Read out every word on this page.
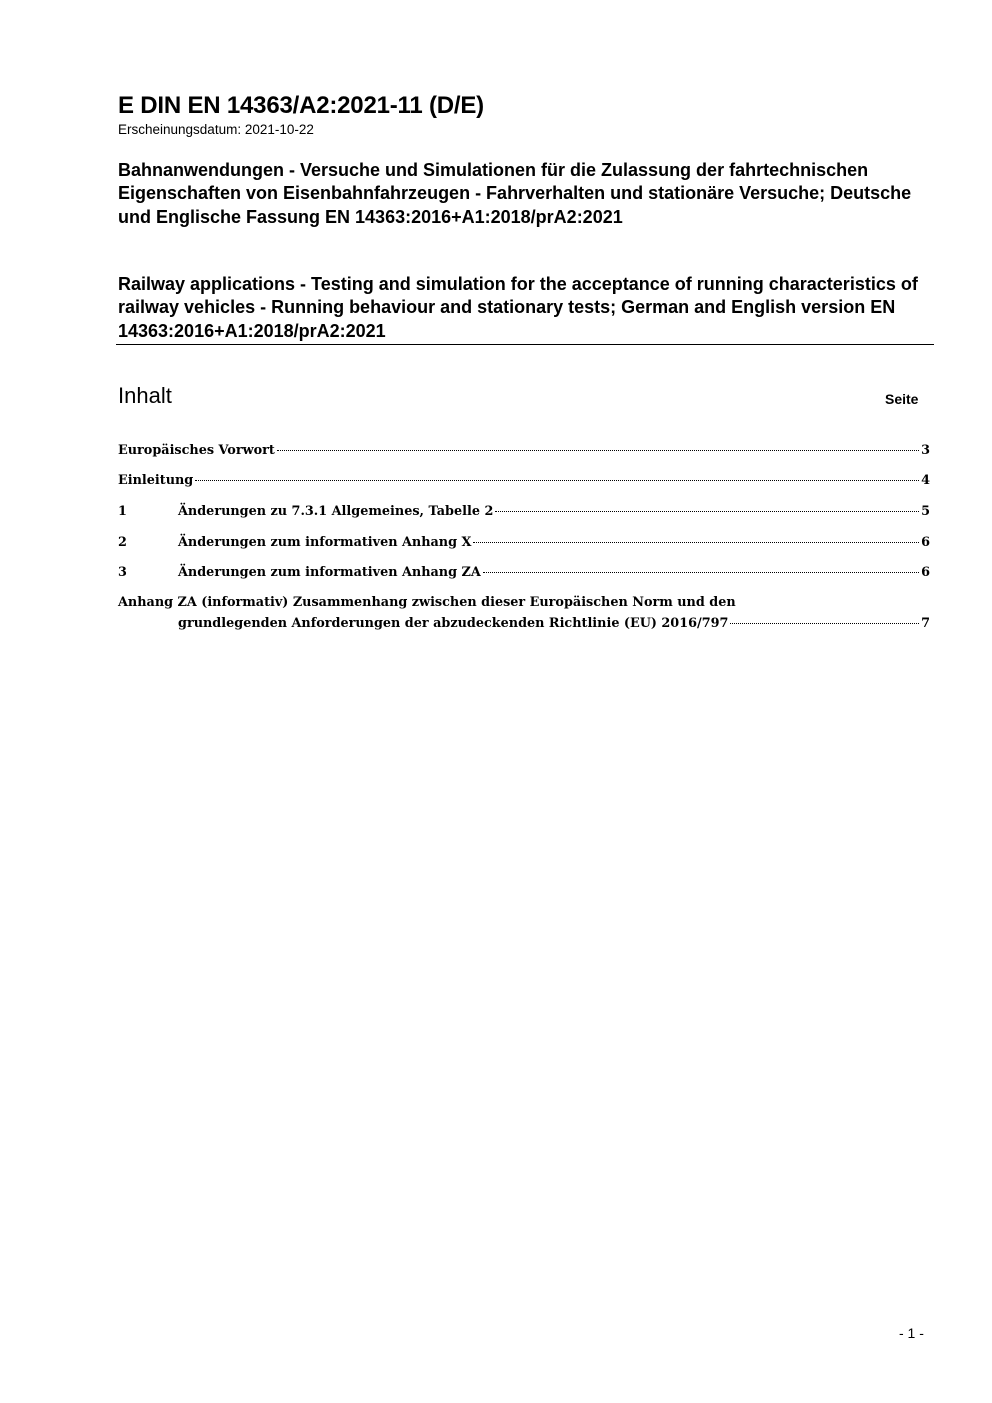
E DIN EN 14363/A2:2021-11 (D/E)
Erscheinungsdatum: 2021-10-22
Bahnanwendungen - Versuche und Simulationen für die Zulassung der fahrtechnischen Eigenschaften von Eisenbahnfahrzeugen - Fahrverhalten und stationäre Versuche; Deutsche und Englische Fassung EN 14363:2016+A1:2018/prA2:2021
Railway applications - Testing and simulation for the acceptance of running characteristics of railway vehicles - Running behaviour and stationary tests; German and English version EN 14363:2016+A1:2018/prA2:2021
Inhalt	Seite
Europäisches Vorwort	3
Einleitung	4
1	Änderungen zu 7.3.1 Allgemeines, Tabelle 2	5
2	Änderungen zum informativen Anhang X	6
3	Änderungen zum informativen Anhang ZA	6
Anhang ZA (informativ) Zusammenhang zwischen dieser Europäischen Norm und den
grundlegenden Anforderungen der abzudeckenden Richtlinie (EU) 2016/797	7
- 1 -
